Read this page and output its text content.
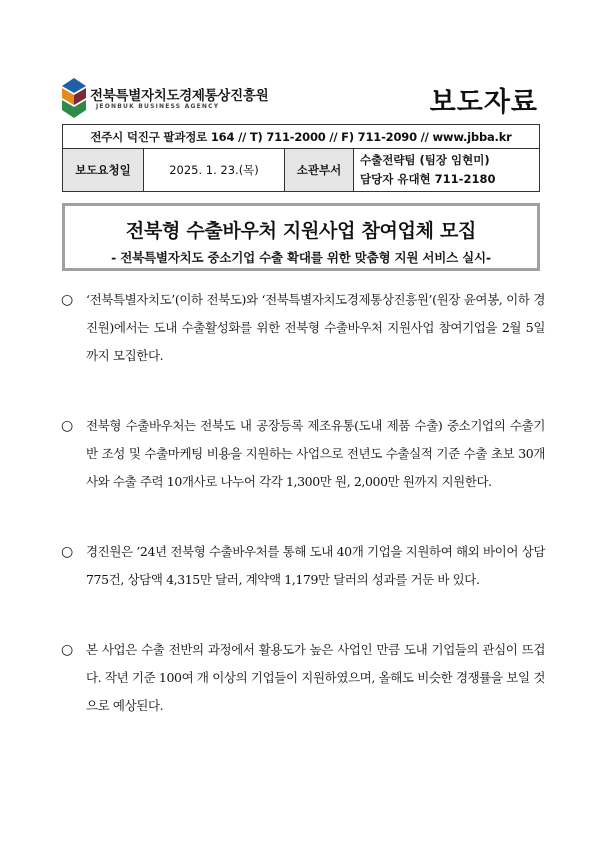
전북특별자치도경제통상진흥원
JEONBUK BUSINESS AGENCY	보도자료
전주시 덕진구 팔과정로 164 // T) 711-2000 // F) 711-2090 // www.jbba.kr
보도요청일	2025. 1. 23.(목)	소관부서	
수출전략팀 (팀장 임현미)
담당자 유대현 711-2180
전북형 수출바우처 지원사업 참여업체 모집
- 전북특별자치도 중소기업 수출 확대를 위한 맞춤형 지원 서비스 실시-
○ ‘전북특별자치도’(이하 전북도)와 ‘전북특별자치도경제통상진흥원’(원장 윤여봉, 이하 경진원)에서는 도내 수출활성화를 위한 전북형 수출바우처 지원사업 참여기업을 2월 5일까지 모집한다.
○ 전북형 수출바우처는 전북도 내 공장등록 제조유통(도내 제품 수출) 중소기업의 수출기반 조성 및 수출마케팅 비용을 지원하는 사업으로 전년도 수출실적 기준 수출 초보 30개사와 수출 주력 10개사로 나누어 각각 1,300만 원, 2,000만 원까지 지원한다.
○ 경진원은 ’24년 전북형 수출바우처를 통해 도내 40개 기업을 지원하여 해외 바이어 상담 775건, 상담액 4,315만 달러, 계약액 1,179만 달러의 성과를 거둔 바 있다.
○ 본 사업은 수출 전반의 과정에서 활용도가 높은 사업인 만큼 도내 기업들의 관심이 뜨겁다. 작년 기준 100여 개 이상의 기업들이 지원하였으며, 올해도 비슷한 경쟁률을 보일 것으로 예상된다.
